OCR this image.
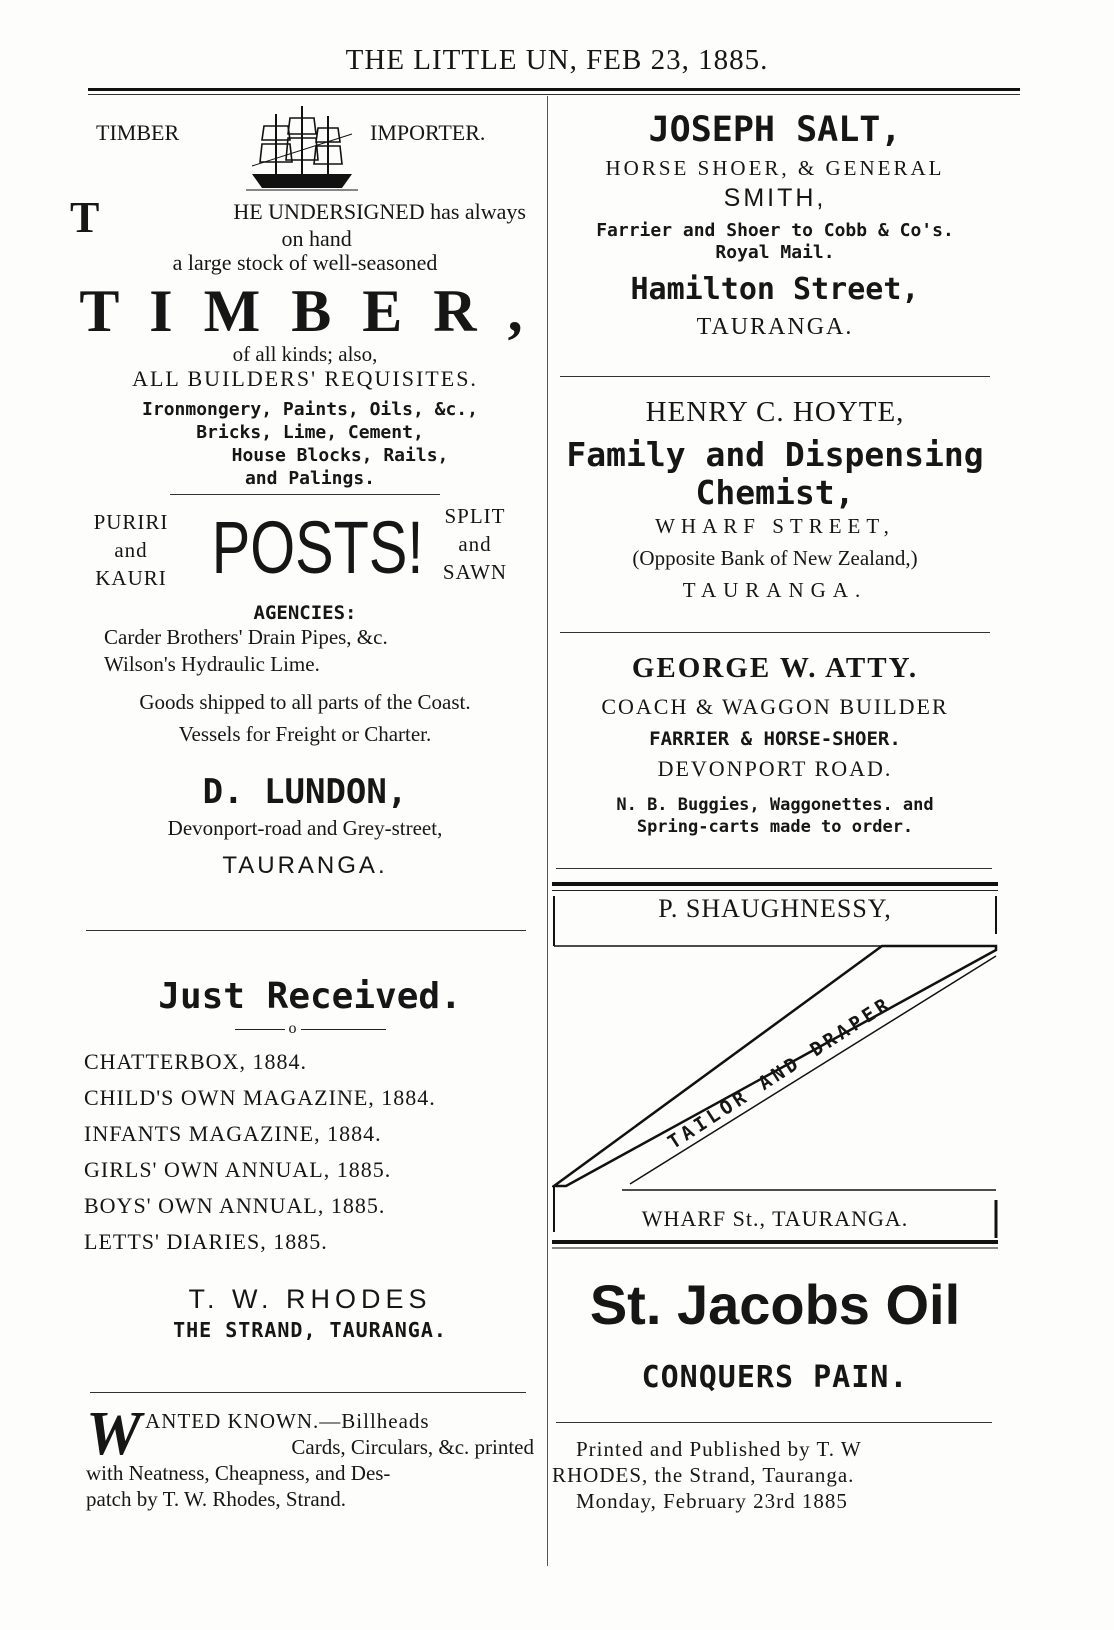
THE LITTLE UN, FEB 23, 1885.
TIMBER	IMPORTER.
T	HE UNDERSIGNED has always
on hand
a large stock of well-seasoned
T I M B E R ,
of all kinds; also,
ALL BUILDERS' REQUISITES.
Ironmongery, Paints, Oils, &c.,
Bricks, Lime, Cement,
House Blocks, Rails,
and Palings.
PURIRI
and
KAURI POSTS!	SPLIT
and
SAWN
AGENCIES:
Carder Brothers' Drain Pipes, &c.
Wilson's Hydraulic Lime.
Goods shipped to all parts of the Coast.
Vessels for Freight or Charter.
D. LUNDON,
Devonport-road and Grey-street,
TAURANGA.
Just Received.
o
CHATTERBOX, 1884.
CHILD'S OWN MAGAZINE, 1884.
INFANTS MAGAZINE, 1884.
GIRLS' OWN ANNUAL, 1885.
BOYS' OWN ANNUAL, 1885.
LETTS' DIARIES, 1885.
T. W. RHODES
THE STRAND, TAURANGA.
W ANTED KNOWN.—Billheads
Cards, Circulars, &c. printed
with Neatness, Cheapness, and Des-
patch by T. W. Rhodes, Strand.
JOSEPH SALT,
HORSE SHOER, & GENERAL
SMITH,
Farrier and Shoer to Cobb & Co's.
Royal Mail.
Hamilton Street,
TAURANGA.
HENRY C. HOYTE,
Family and Dispensing
Chemist,
WHARF STREET,
(Opposite Bank of New Zealand,)
TAURANGA.
GEORGE W. ATTY.
COACH & WAGGON BUILDER
FARRIER & HORSE-SHOER.
DEVONPORT ROAD.
N. B. Buggies, Waggonettes. and
Spring-carts made to order.
P. SHAUGHNESSY,
TAILOR AND DRAPER
WHARF St., TAURANGA.
St. Jacobs Oil
CONQUERS PAIN.
Printed and Published by T. W
RHODES, the Strand, Tauranga.
Monday, February 23rd 1885
